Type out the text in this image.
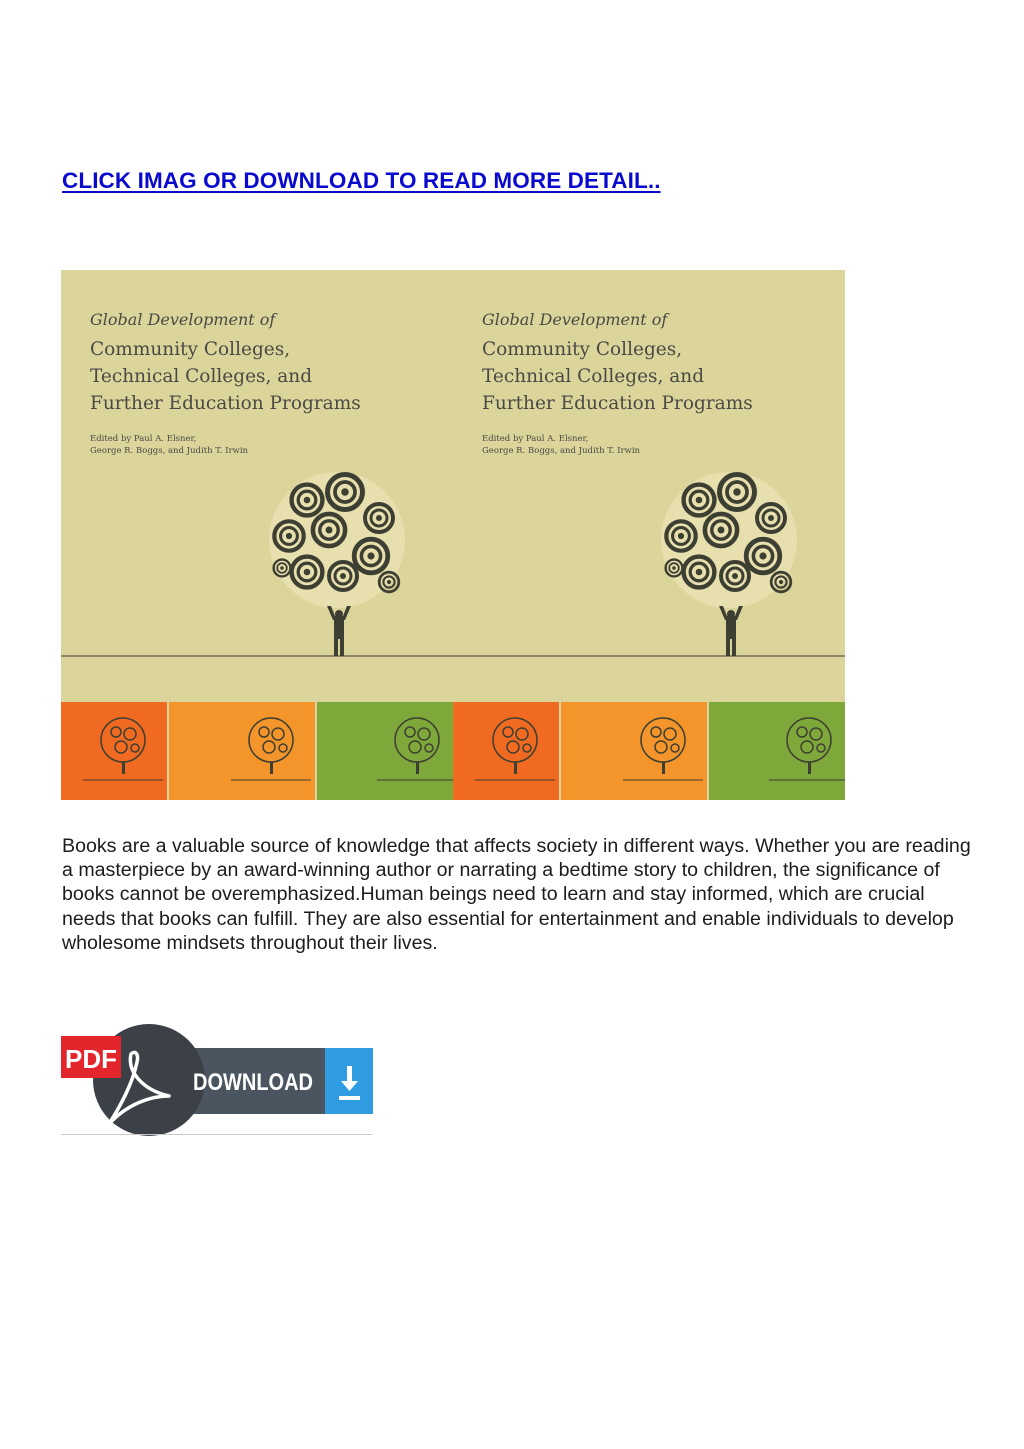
CLICK IMAG OR DOWNLOAD TO READ MORE DETAIL..

Global Development of

Community Colleges,

Technical Colleges, and

Further Education Programs

Edited by Paul A. Elsner,
George R. Boggs, and Judith T. Irwin

Global Development of

Community Colleges,

Technical Colleges, and

Further Education Programs

Edited by Paul A. Elsner,
George R. Boggs, and Judith T. Irwin

Books are a valuable source of knowledge that affects society in different ways. Whether you are reading a masterpiece by an award-winning author or narrating a bedtime story to children, the significance of books cannot be overemphasized.Human beings need to learn and stay informed, which are crucial needs that books can fulfill. They are also essential for entertainment and enable individuals to develop wholesome mindsets throughout their lives.

PDF
DOWNLOAD
